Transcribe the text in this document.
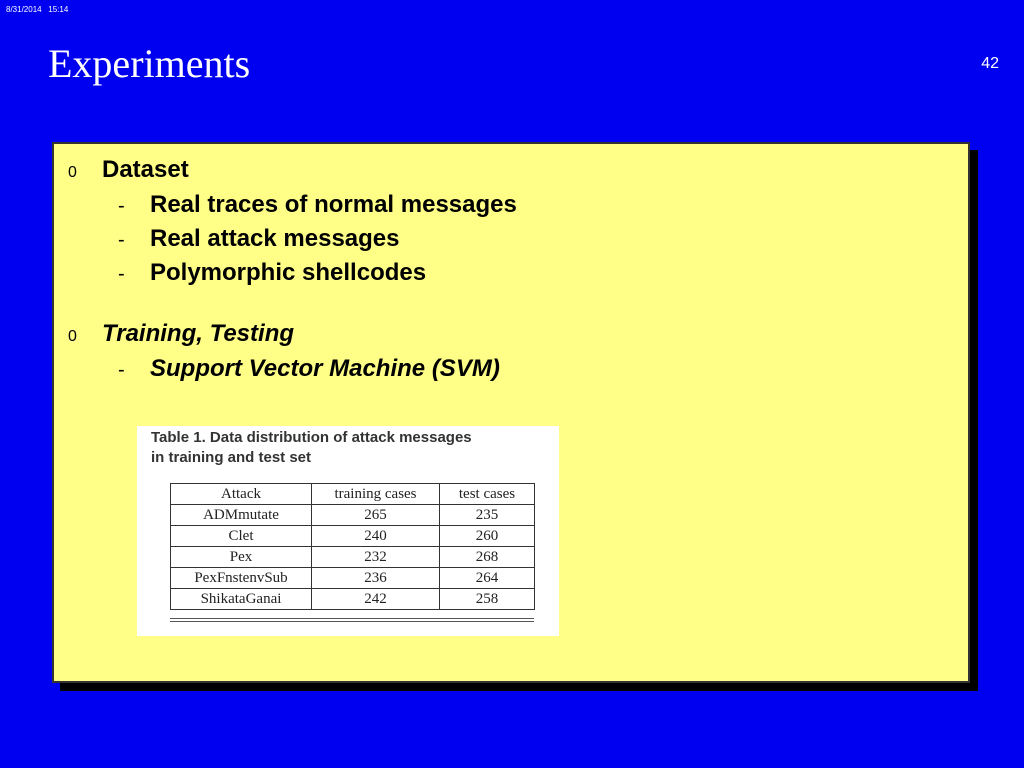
8/31/2014   15:14
Experiments	42
0	Dataset
-	Real traces of normal messages
-	Real attack messages
-	Polymorphic shellcodes
0	Training, Testing
-	Support Vector Machine (SVM)
Table 1. Data distribution of attack messages
in training and test set
Attack	training cases	test cases
ADMmutate	265	235
Clet	240	260
Pex	232	268
PexFnstenvSub	236	264
ShikataGanai	242	258
